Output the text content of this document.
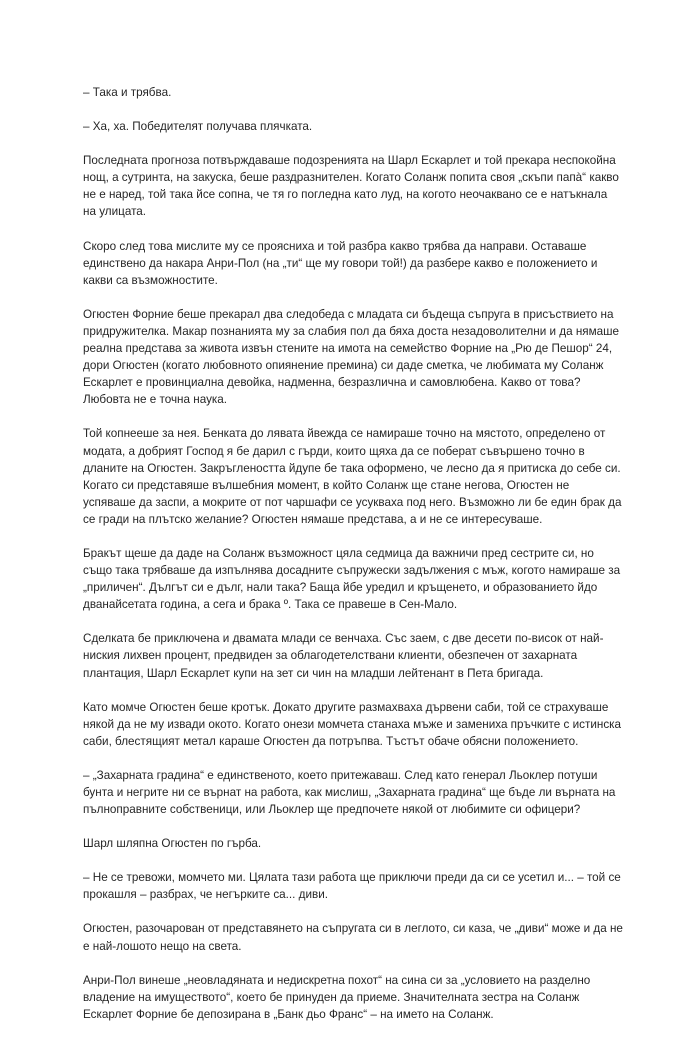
– Така и трябва.

– Ха, ха. Победителят получава плячката.

Последната прогноза потвърждаваше подозренията на Шарл Ескарлет и той прекара неспокойна нощ, а сутринта, на закуска, беше раздразнителен. Когато Соланж попита своя „скъпи папà“ какво не е наред, той така йсе сопна, че тя го погледна като луд, на когото неочаквано се е натъкнала на улицата.

Скоро след това мислите му се проясниха и той разбра какво трябва да направи. Оставаше единствено да накара Анри-Пол (на „ти“ ще му говори той!) да разбере какво е положението и какви са възможностите.

Огюстен Форние беше прекарал два следобеда с младата си бъдеща съпруга в присъствието на придружителка. Макар познанията му за слабия пол да бяха доста незадоволителни и да нямаше реална представа за живота извън стените на имота на семейство Форние на „Рю де Пешор“ 24, дори Огюстен (когато любовното опиянение премина) си даде сметка, че любимата му Соланж Ескарлет е провинциална девойка, надменна, безразлична и самовлюбена. Какво от това? Любовта не е точна наука.

Той копнееше за нея. Бенката до лявата йвежда се намираше точно на мястото, определено от модата, а добрият Господ я бе дарил с гърди, които щяха да се поберат съвършено точно в дланите на Огюстен. Закръглеността йдупе бе така оформено, че лесно да я притиска до себе си. Когато си представяше вълшебния момент, в който Соланж ще стане негова, Огюстен не успяваше да заспи, а мокрите от пот чаршафи се усукваха под него. Възможно ли бе един брак да се гради на плътско желание? Огюстен нямаше представа, а и не се интересуваше.

Бракът щеше да даде на Соланж възможност цяла седмица да важничи пред сестрите си, но също така трябваше да изпълнява досадните съпружески задължения с мъж, когото намираше за „приличен“. Дългът си е дълг, нали така? Баща йбе уредил и кръщенето, и образованието йдо дванайсетата година, а сега и брака º. Така се правеше в Сен-Мало.

Сделката бе приключена и двамата млади се венчаха. Със заем, с две десети по-висок от най-ниския лихвен процент, предвиден за облагодетелствани клиенти, обезпечен от захарната плантация, Шарл Ескарлет купи на зет си чин на младши лейтенант в Пета бригада.

Като момче Огюстен беше кротък. Докато другите размахваха дървени саби, той се страхуваше някой да не му извади окото. Когато онези момчета станаха мъже и замениха пръчките с истинска саби, блестящият метал караше Огюстен да потръпва. Тъстът обаче обясни положението.

– „Захарната градина“ е единственото, което притежаваш. След като генерал Льоклер потуши бунта и негрите ни се върнат на работа, как мислиш, „Захарната градина“ ще бъде ли върната на пълноправните собственици, или Льоклер ще предпочете някой от любимите си офицери?

Шарл шляпна Огюстен по гърба.

– Не се тревожи, момчето ми. Цялата тази работа ще приключи преди да си се усетил и... – той се прокашля – разбрах, че негърките са... диви.

Огюстен, разочарован от представянето на съпругата си в леглото, си каза, че „диви“ може и да не е най-лошото нещо на света.

Анри-Пол винеше „неовладяната и недискретна похот“ на сина си за „условието на разделно владение на имуществото“, което бе принуден да приеме. Значителната зестра на Соланж Ескарлет Форние бе депозирана в „Банк дьо Франс“ – на името на Соланж.
